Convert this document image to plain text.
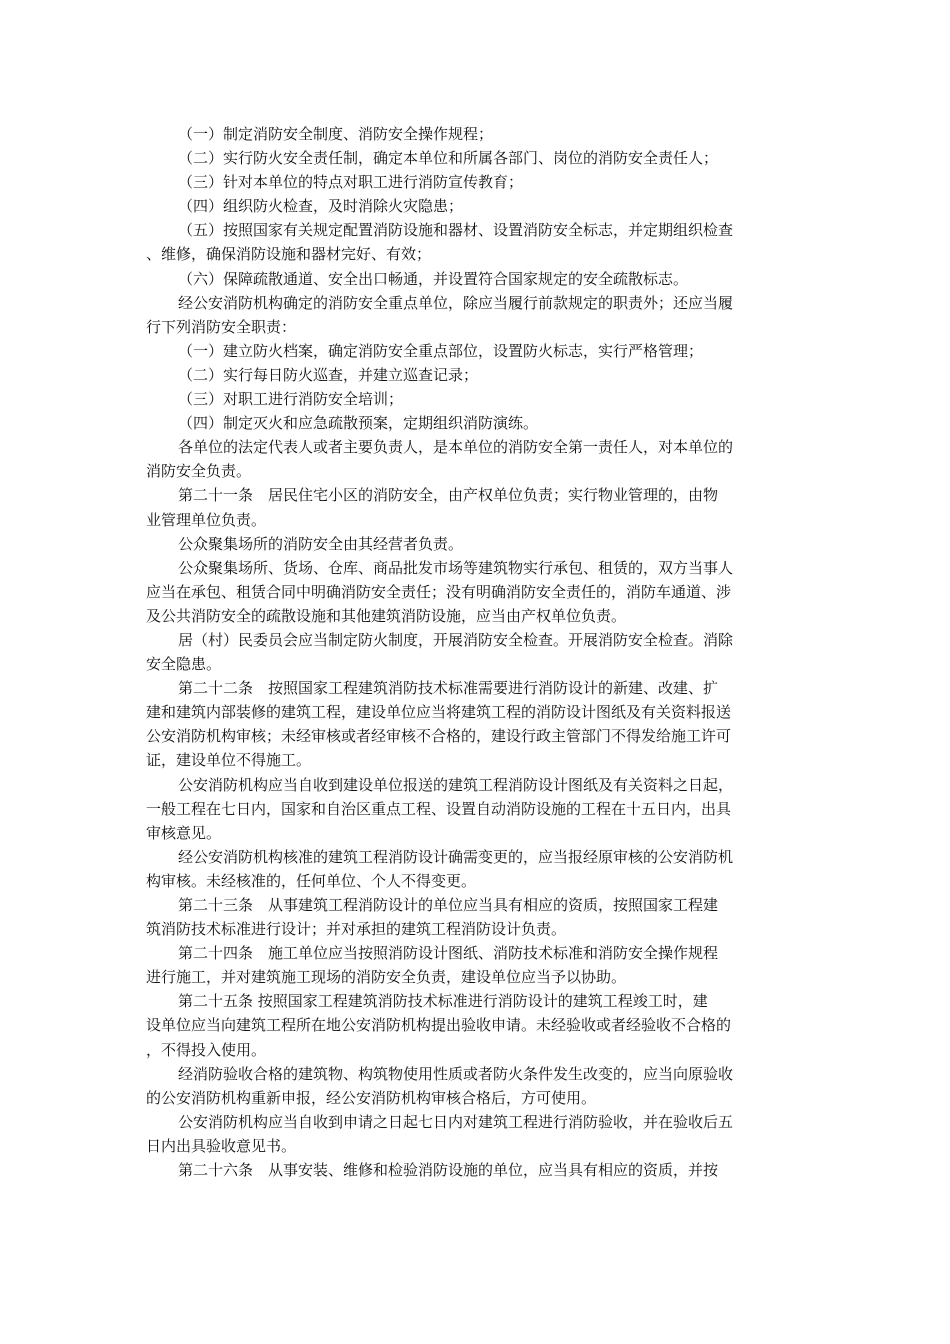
（一）制定消防安全制度、消防安全操作规程；
（二）实行防火安全责任制，确定本单位和所属各部门、岗位的消防安全责任人；
（三）针对本单位的特点对职工进行消防宣传教育；
（四）组织防火检查，及时消除火灾隐患；
（五）按照国家有关规定配置消防设施和器材、设置消防安全标志，并定期组织检查
、维修，确保消防设施和器材完好、有效；
（六）保障疏散通道、安全出口畅通，并设置符合国家规定的安全疏散标志。
经公安消防机构确定的消防安全重点单位，除应当履行前款规定的职责外；还应当履
行下列消防安全职责：
（一）建立防火档案，确定消防安全重点部位，设置防火标志，实行严格管理；
（二）实行每日防火巡查，并建立巡查记录；
（三）对职工进行消防安全培训；
（四）制定灭火和应急疏散预案，定期组织消防演练。
各单位的法定代表人或者主要负责人，是本单位的消防安全第一责任人，对本单位的
消防安全负责。
第二十一条　居民住宅小区的消防安全，由产权单位负责；实行物业管理的，由物
业管理单位负责。
公众聚集场所的消防安全由其经营者负责。
公众聚集场所、货场、仓库、商品批发市场等建筑物实行承包、租赁的，双方当事人
应当在承包、租赁合同中明确消防安全责任；没有明确消防安全责任的，消防车通道、涉
及公共消防安全的疏散设施和其他建筑消防设施，应当由产权单位负责。
居（村）民委员会应当制定防火制度，开展消防安全检查。开展消防安全检查。消除
安全隐患。
第二十二条　按照国家工程建筑消防技术标准需要进行消防设计的新建、改建、扩
建和建筑内部装修的建筑工程，建设单位应当将建筑工程的消防设计图纸及有关资料报送
公安消防机构审核；未经审核或者经审核不合格的，建设行政主管部门不得发给施工许可
证，建设单位不得施工。
公安消防机构应当自收到建设单位报送的建筑工程消防设计图纸及有关资料之日起，
一般工程在七日内，国家和自治区重点工程、设置自动消防设施的工程在十五日内，出具
审核意见。
经公安消防机构核准的建筑工程消防设计确需变更的，应当报经原审核的公安消防机
构审核。未经核准的，任何单位、个人不得变更。
第二十三条　从事建筑工程消防设计的单位应当具有相应的资质，按照国家工程建
筑消防技术标准进行设计；并对承担的建筑工程消防设计负责。
第二十四条　施工单位应当按照消防设计图纸、消防技术标准和消防安全操作规程
进行施工，并对建筑施工现场的消防安全负责，建设单位应当予以协助。
第二十五条 按照国家工程建筑消防技术标准进行消防设计的建筑工程竣工时，建
设单位应当向建筑工程所在地公安消防机构提出验收申请。未经验收或者经验收不合格的
，不得投入使用。
经消防验收合格的建筑物、构筑物使用性质或者防火条件发生改变的，应当向原验收
的公安消防机构重新申报，经公安消防机构审核合格后，方可使用。
公安消防机构应当自收到申请之日起七日内对建筑工程进行消防验收，并在验收后五
日内出具验收意见书。
第二十六条　从事安装、维修和检验消防设施的单位，应当具有相应的资质，并按
